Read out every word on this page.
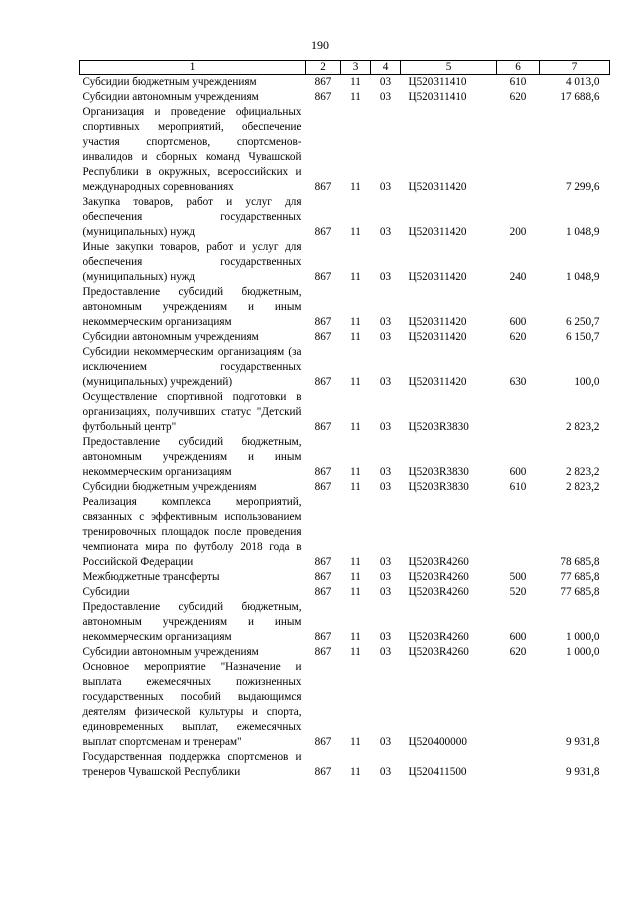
190
1	2	3	4	5	6	7
Субсидии бюджетным учреждениям	867	11	03	Ц520311410	610	4 013,0
Субсидии автономным учреждениям	867	11	03	Ц520311410	620	17 688,6
Организация и проведение официальных спортивных мероприятий, обеспечение участия спортсменов, спортсменов-инвалидов и сборных команд Чувашской Республики в окружных, всероссийских и международных соревнованиях	867	11	03	Ц520311420		7 299,6
Закупка товаров, работ и услуг для обеспечения государственных (муниципальных) нужд	867	11	03	Ц520311420	200	1 048,9
Иные закупки товаров, работ и услуг для обеспечения государственных (муниципальных) нужд	867	11	03	Ц520311420	240	1 048,9
Предоставление субсидий бюджетным, автономным учреждениям и иным некоммерческим организациям	867	11	03	Ц520311420	600	6 250,7
Субсидии автономным учреждениям	867	11	03	Ц520311420	620	6 150,7
Субсидии некоммерческим организациям (за исключением государственных (муниципальных) учреждений)	867	11	03	Ц520311420	630	100,0
Осуществление спортивной подготовки в организациях, получивших статус "Детский футбольный центр"	867	11	03	Ц5203R3830		2 823,2
Предоставление субсидий бюджетным, автономным учреждениям и иным некоммерческим организациям	867	11	03	Ц5203R3830	600	2 823,2
Субсидии бюджетным учреждениям	867	11	03	Ц5203R3830	610	2 823,2
Реализация комплекса мероприятий, связанных с эффективным использованием тренировочных площадок после проведения чемпионата мира по футболу 2018 года в Российской Федерации	867	11	03	Ц5203R4260		78 685,8
Межбюджетные трансферты	867	11	03	Ц5203R4260	500	77 685,8
Субсидии	867	11	03	Ц5203R4260	520	77 685,8
Предоставление субсидий бюджетным, автономным учреждениям и иным некоммерческим организациям	867	11	03	Ц5203R4260	600	1 000,0
Субсидии автономным учреждениям	867	11	03	Ц5203R4260	620	1 000,0
Основное мероприятие "Назначение и выплата ежемесячных пожизненных государственных пособий выдающимся деятелям физической культуры и спорта, единовременных выплат, ежемесячных выплат спортсменам и тренерам"	867	11	03	Ц520400000		9 931,8
Государственная поддержка спортсменов и тренеров Чувашской Республики	867	11	03	Ц520411500		9 931,8
